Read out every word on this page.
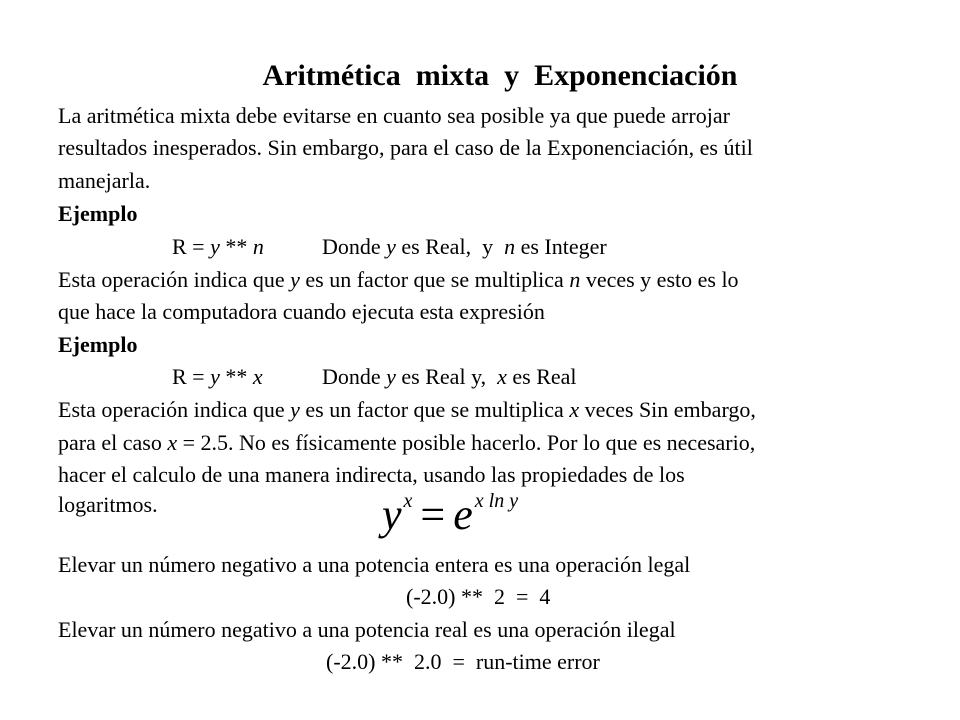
Aritmética  mixta  y  Exponenciación
La aritmética mixta debe evitarse en cuanto sea posible ya que puede arrojar
resultados inesperados. Sin embargo, para el caso de la Exponenciación, es útil
manejarla.
Ejemplo
R = y ** n	Donde y es Real,  y  n es Integer
Esta operación indica que y es un factor que se multiplica n veces y esto es lo
que hace la computadora cuando ejecuta esta expresión
Ejemplo
R = y ** x	Donde y es Real y,  x es Real
Esta operación indica que y es un factor que se multiplica x veces Sin embargo,
para el caso x = 2.5. No es físicamente posible hacerlo. Por lo que es necesario,
hacer el calculo de una manera indirecta, usando las propiedades de los
logaritmos.	y $^x$ = e $^{x ln y}$
Elevar un número negativo a una potencia entera es una operación legal
(-2.0) **  2  =  4
Elevar un número negativo a una potencia real es una operación ilegal
(-2.0) **  2.0  =  run-time error
